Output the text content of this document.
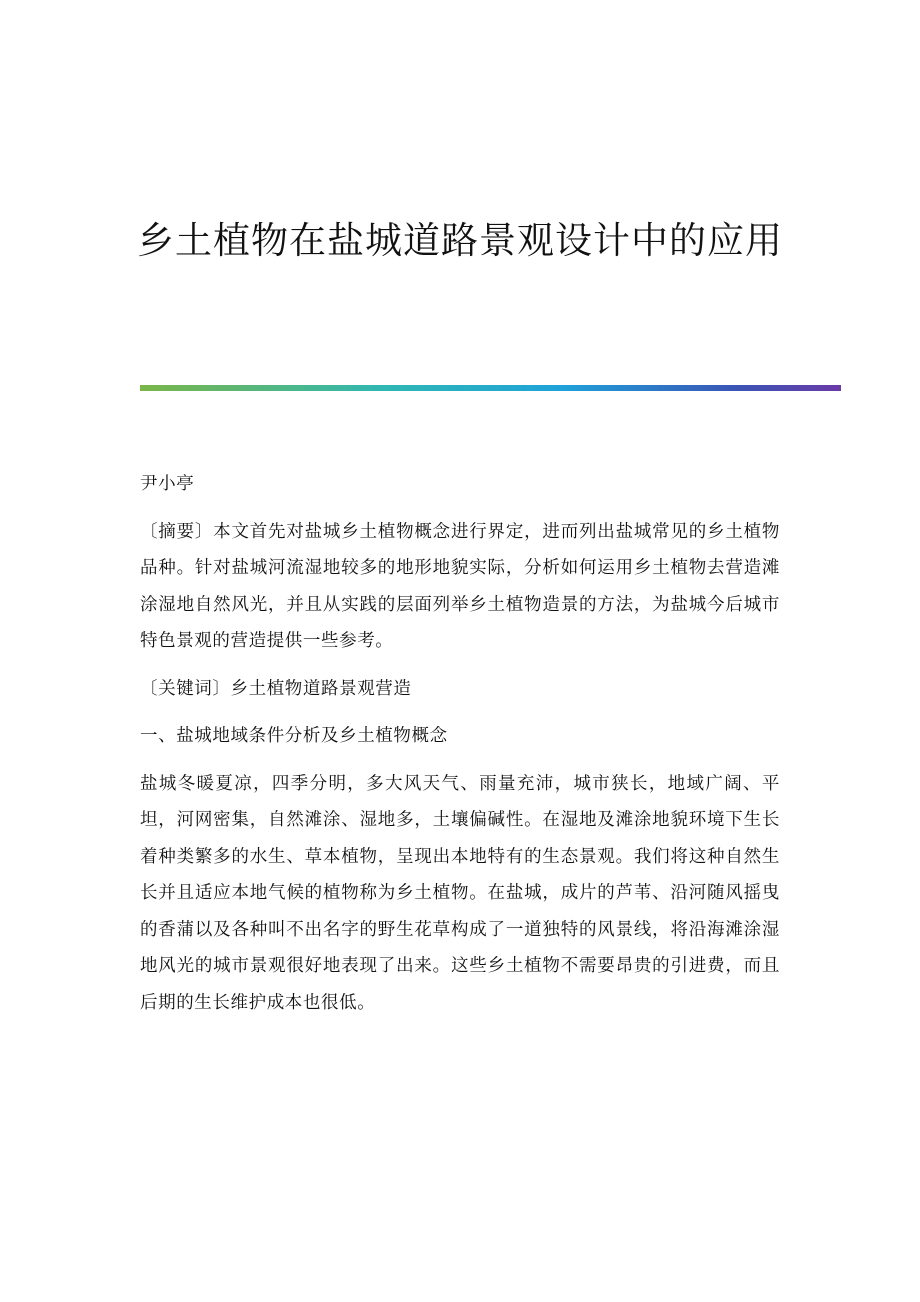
乡土植物在盐城道路景观设计中的应用

尹小亭

〔摘要〕本文首先对盐城乡土植物概念进行界定，进而列出盐城常见的乡土植物品种。针对盐城河流湿地较多的地形地貌实际，分析如何运用乡土植物去营造滩涂湿地自然风光，并且从实践的层面列举乡土植物造景的方法，为盐城今后城市特色景观的营造提供一些参考。

〔关键词〕乡土植物道路景观营造

一、盐城地域条件分析及乡土植物概念

盐城冬暖夏凉，四季分明，多大风天气、雨量充沛，城市狭长，地域广阔、平坦，河网密集，自然滩涂、湿地多，土壤偏碱性。在湿地及滩涂地貌环境下生长着种类繁多的水生、草本植物，呈现出本地特有的生态景观。我们将这种自然生长并且适应本地气候的植物称为乡土植物。在盐城，成片的芦苇、沿河随风摇曳的香蒲以及各种叫不出名字的野生花草构成了一道独特的风景线，将沿海滩涂湿地风光的城市景观很好地表现了出来。这些乡土植物不需要昂贵的引进费，而且后期的生长维护成本也很低。
